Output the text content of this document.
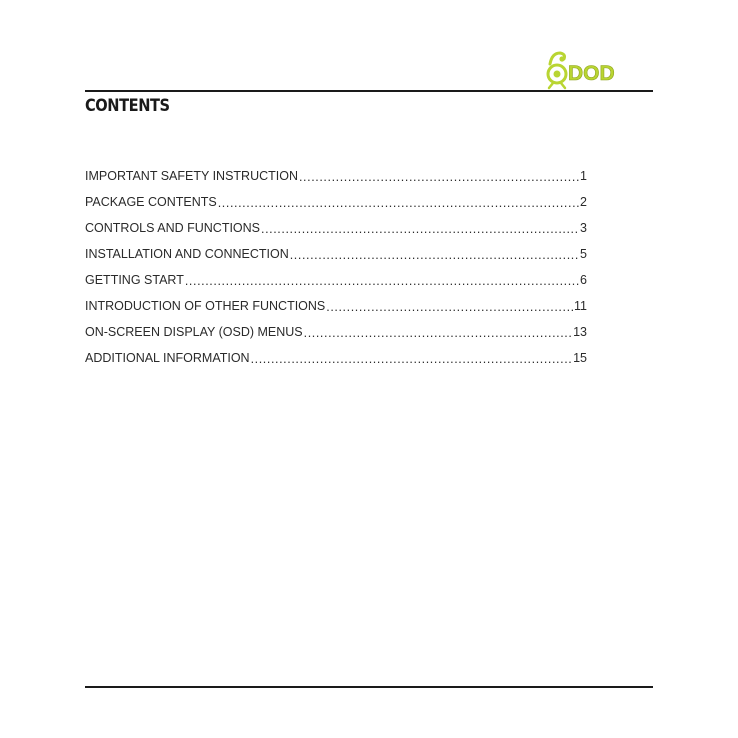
DOD
CONTENTS
IMPORTANT SAFETY INSTRUCTION .....	1
PACKAGE CONTENTS .....	2
CONTROLS AND FUNCTIONS .....	3
INSTALLATION AND CONNECTION .....	5
GETTING START .....	6
INTRODUCTION OF OTHER FUNCTIONS .....	11
ON-SCREEN DISPLAY (OSD) MENUS .....	13
ADDITIONAL INFORMATION .....	15
